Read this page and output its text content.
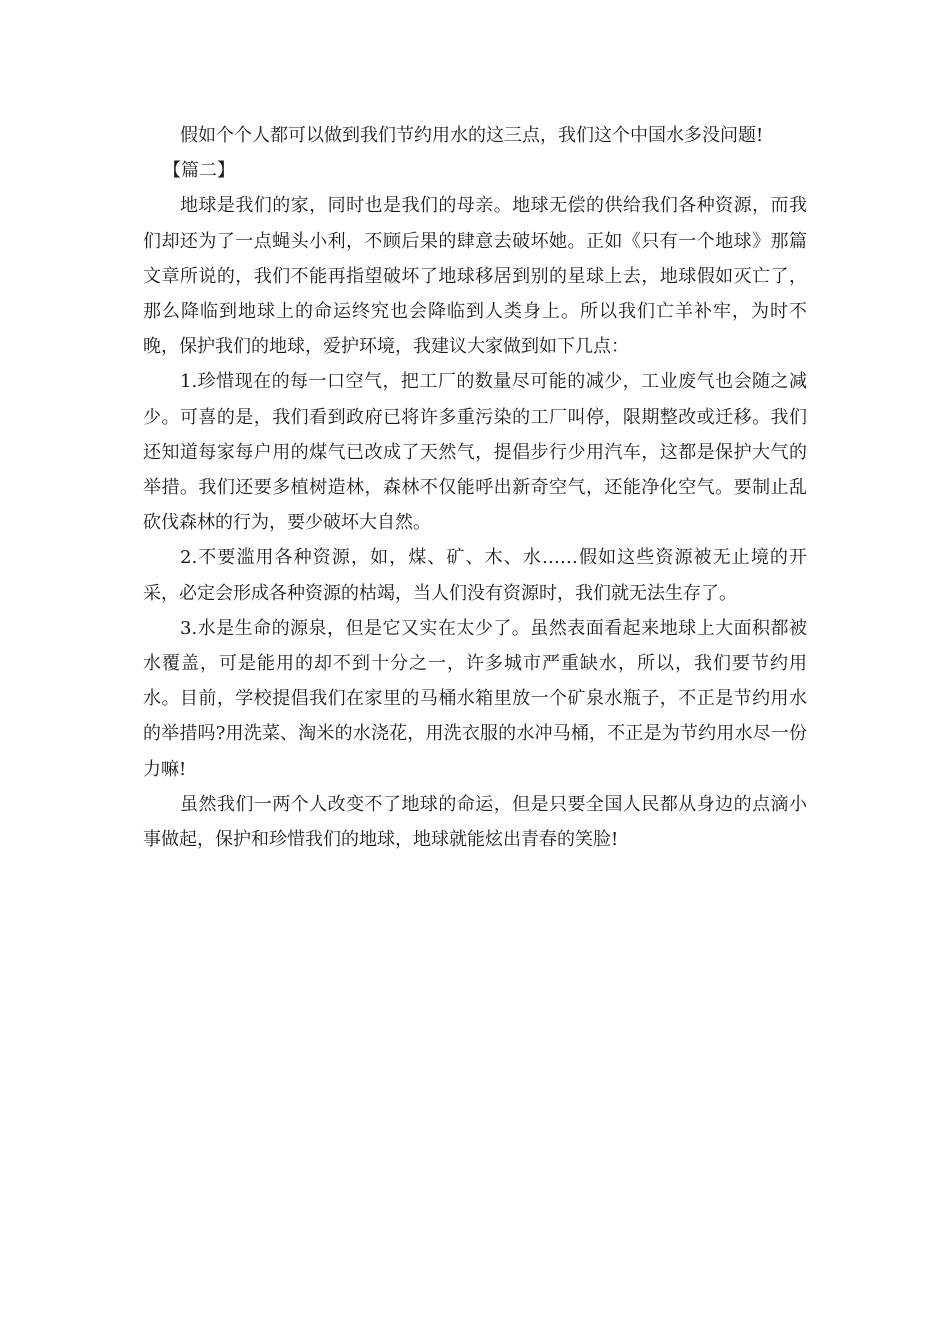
假如个个人都可以做到我们节约用水的这三点，我们这个中国水多没问题!

【篇二】

地球是我们的家，同时也是我们的母亲。地球无偿的供给我们各种资源，而我们却还为了一点蝇头小利，不顾后果的肆意去破坏她。正如《只有一个地球》那篇文章所说的，我们不能再指望破坏了地球移居到别的星球上去，地球假如灭亡了，那么降临到地球上的命运终究也会降临到人类身上。所以我们亡羊补牢，为时不晚，保护我们的地球，爱护环境，我建议大家做到如下几点：

1.珍惜现在的每一口空气，把工厂的数量尽可能的减少，工业废气也会随之减少。可喜的是，我们看到政府已将许多重污染的工厂叫停，限期整改或迁移。我们还知道每家每户用的煤气已改成了天然气，提倡步行少用汽车，这都是保护大气的举措。我们还要多植树造林，森林不仅能呼出新奇空气，还能净化空气。要制止乱砍伐森林的行为，要少破坏大自然。

2.不要滥用各种资源，如，煤、矿、木、水……假如这些资源被无止境的开采，必定会形成各种资源的枯竭，当人们没有资源时，我们就无法生存了。

3.水是生命的源泉，但是它又实在太少了。虽然表面看起来地球上大面积都被水覆盖，可是能用的却不到十分之一，许多城市严重缺水，所以，我们要节约用水。目前，学校提倡我们在家里的马桶水箱里放一个矿泉水瓶子，不正是节约用水的举措吗?用洗菜、淘米的水浇花，用洗衣服的水冲马桶，不正是为节约用水尽一份力嘛!

虽然我们一两个人改变不了地球的命运，但是只要全国人民都从身边的点滴小事做起，保护和珍惜我们的地球，地球就能炫出青春的笑脸!
